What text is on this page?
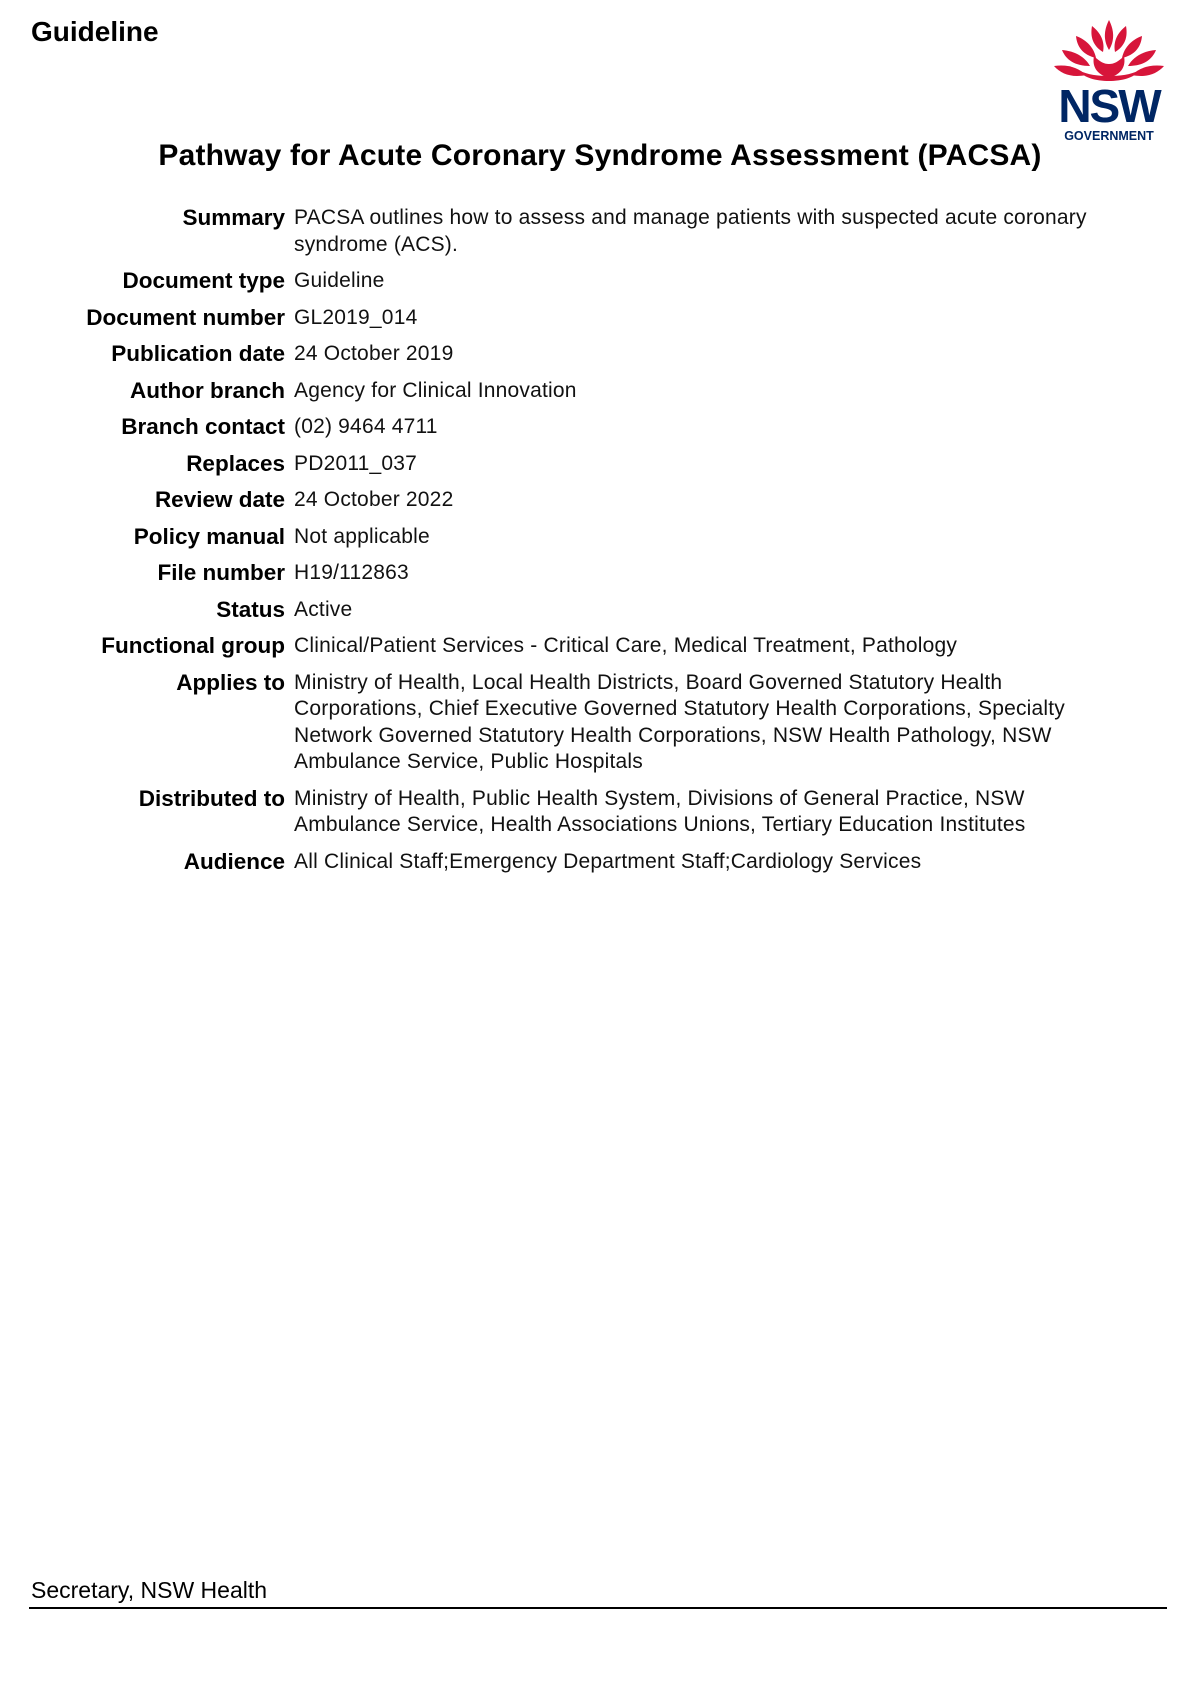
Guideline
NSW
GOVERNMENT
Pathway for Acute Coronary Syndrome Assessment (PACSA)
Summary PACSA outlines how to assess and manage patients with suspected acute coronary syndrome (ACS).
Document type Guideline
Document number GL2019_014
Publication date 24 October 2019
Author branch Agency for Clinical Innovation
Branch contact (02) 9464 4711
Replaces PD2011_037
Review date 24 October 2022
Policy manual Not applicable
File number H19/112863
Status Active
Functional group Clinical/Patient Services - Critical Care, Medical Treatment, Pathology
Applies to Ministry of Health, Local Health Districts, Board Governed Statutory Health Corporations, Chief Executive Governed Statutory Health Corporations, Specialty Network Governed Statutory Health Corporations, NSW Health Pathology, NSW Ambulance Service, Public Hospitals
Distributed to Ministry of Health, Public Health System, Divisions of General Practice, NSW Ambulance Service, Health Associations Unions, Tertiary Education Institutes
Audience All Clinical Staff;Emergency Department Staff;Cardiology Services

Secretary, NSW Health
